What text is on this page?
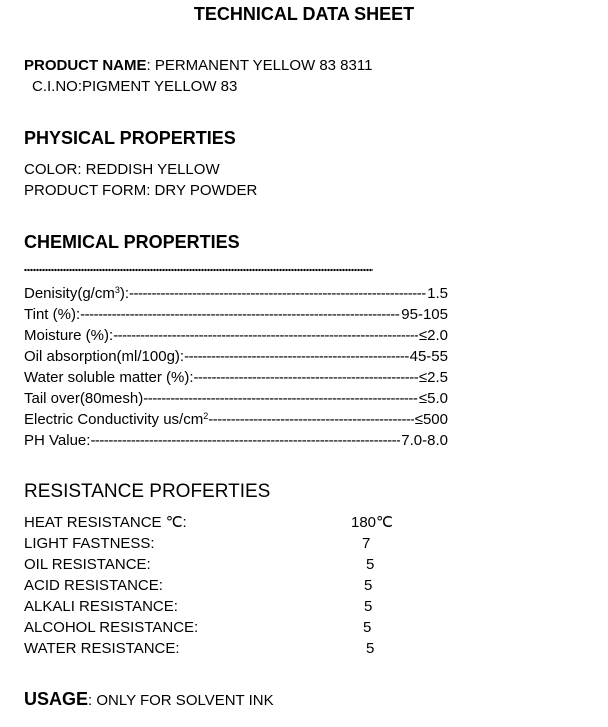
TECHNICAL DATA SHEET
PRODUCT NAME: PERMANENT YELLOW 83 8311
C.I.NO:PIGMENT YELLOW 83
PHYSICAL PROPERTIES
COLOR: REDDISH YELLOW
PRODUCT FORM: DRY POWDER
CHEMICAL PROPERTIES
$Denisity(g/cm^3)$: -----	1.5
Tint (%): -----	95-105
Moisture (%): -----	≤2.0
Oil absorption(ml/100g): -----	45-55
Water soluble matter (%): -----	≤2.5
Tail over(80mesh) -----	≤5.0
Electric Conductivity $us/cm^2$ -----	≤500
PH Value: -----	7.0-8.0
RESISTANCE PROFERTIES
HEAT RESISTANCE ℃:	180℃
LIGHT FASTNESS:	7
OIL RESISTANCE:	5
ACID RESISTANCE:	5
ALKALI RESISTANCE:	5
ALCOHOL RESISTANCE:	5
WATER RESISTANCE:	5
USAGE: ONLY FOR SOLVENT INK
